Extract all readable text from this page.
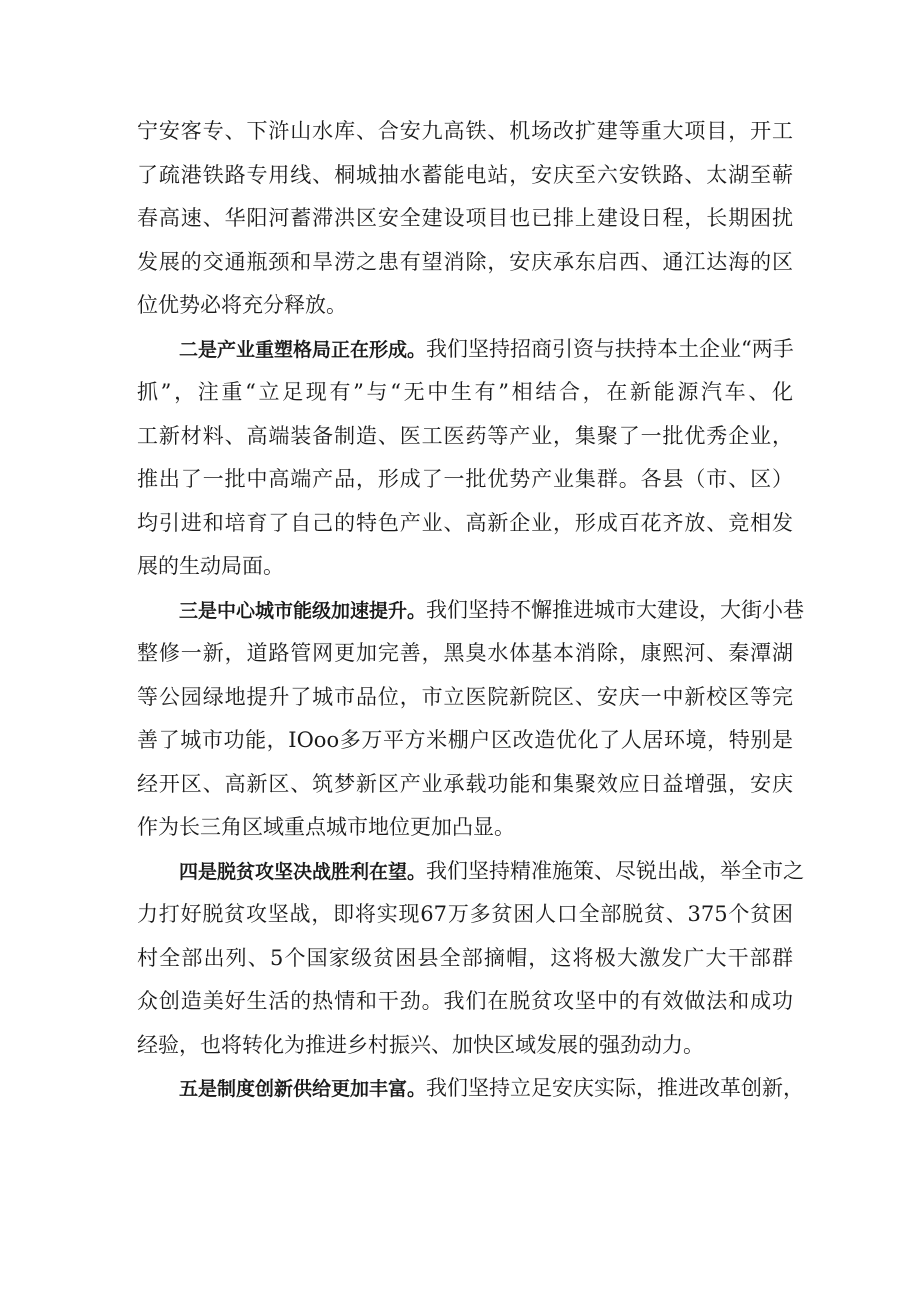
宁安客专、下浒山水库、合安九高铁、机场改扩建等重大项目，开工
了疏港铁路专用线、桐城抽水蓄能电站，安庆至六安铁路、太湖至蕲
春高速、华阳河蓄滞洪区安全建设项目也已排上建设日程，长期困扰
发展的交通瓶颈和旱涝之患有望消除，安庆承东启西、通江达海的区
位优势必将充分释放。
二是产业重塑格局正在形成。我们坚持招商引资与扶持本土企业“两手
抓”，注重“立足现有”与“无中生有”相结合，在新能源汽车、化
工新材料、高端装备制造、医工医药等产业，集聚了一批优秀企业，
推出了一批中高端产品，形成了一批优势产业集群。各县（市、区）
均引进和培育了自己的特色产业、高新企业，形成百花齐放、竞相发
展的生动局面。
三是中心城市能级加速提升。我们坚持不懈推进城市大建设，大街小巷
整修一新，道路管网更加完善，黑臭水体基本消除，康熙河、秦潭湖
等公园绿地提升了城市品位，市立医院新院区、安庆一中新校区等完
善了城市功能，IOoo多万平方米棚户区改造优化了人居环境，特别是
经开区、高新区、筑梦新区产业承载功能和集聚效应日益增强，安庆
作为长三角区域重点城市地位更加凸显。
四是脱贫攻坚决战胜利在望。我们坚持精准施策、尽锐出战，举全市之
力打好脱贫攻坚战，即将实现67万多贫困人口全部脱贫、375个贫困
村全部出列、5个国家级贫困县全部摘帽，这将极大激发广大干部群
众创造美好生活的热情和干劲。我们在脱贫攻坚中的有效做法和成功
经验，也将转化为推进乡村振兴、加快区域发展的强劲动力。
五是制度创新供给更加丰富。我们坚持立足安庆实际，推进改革创新，
